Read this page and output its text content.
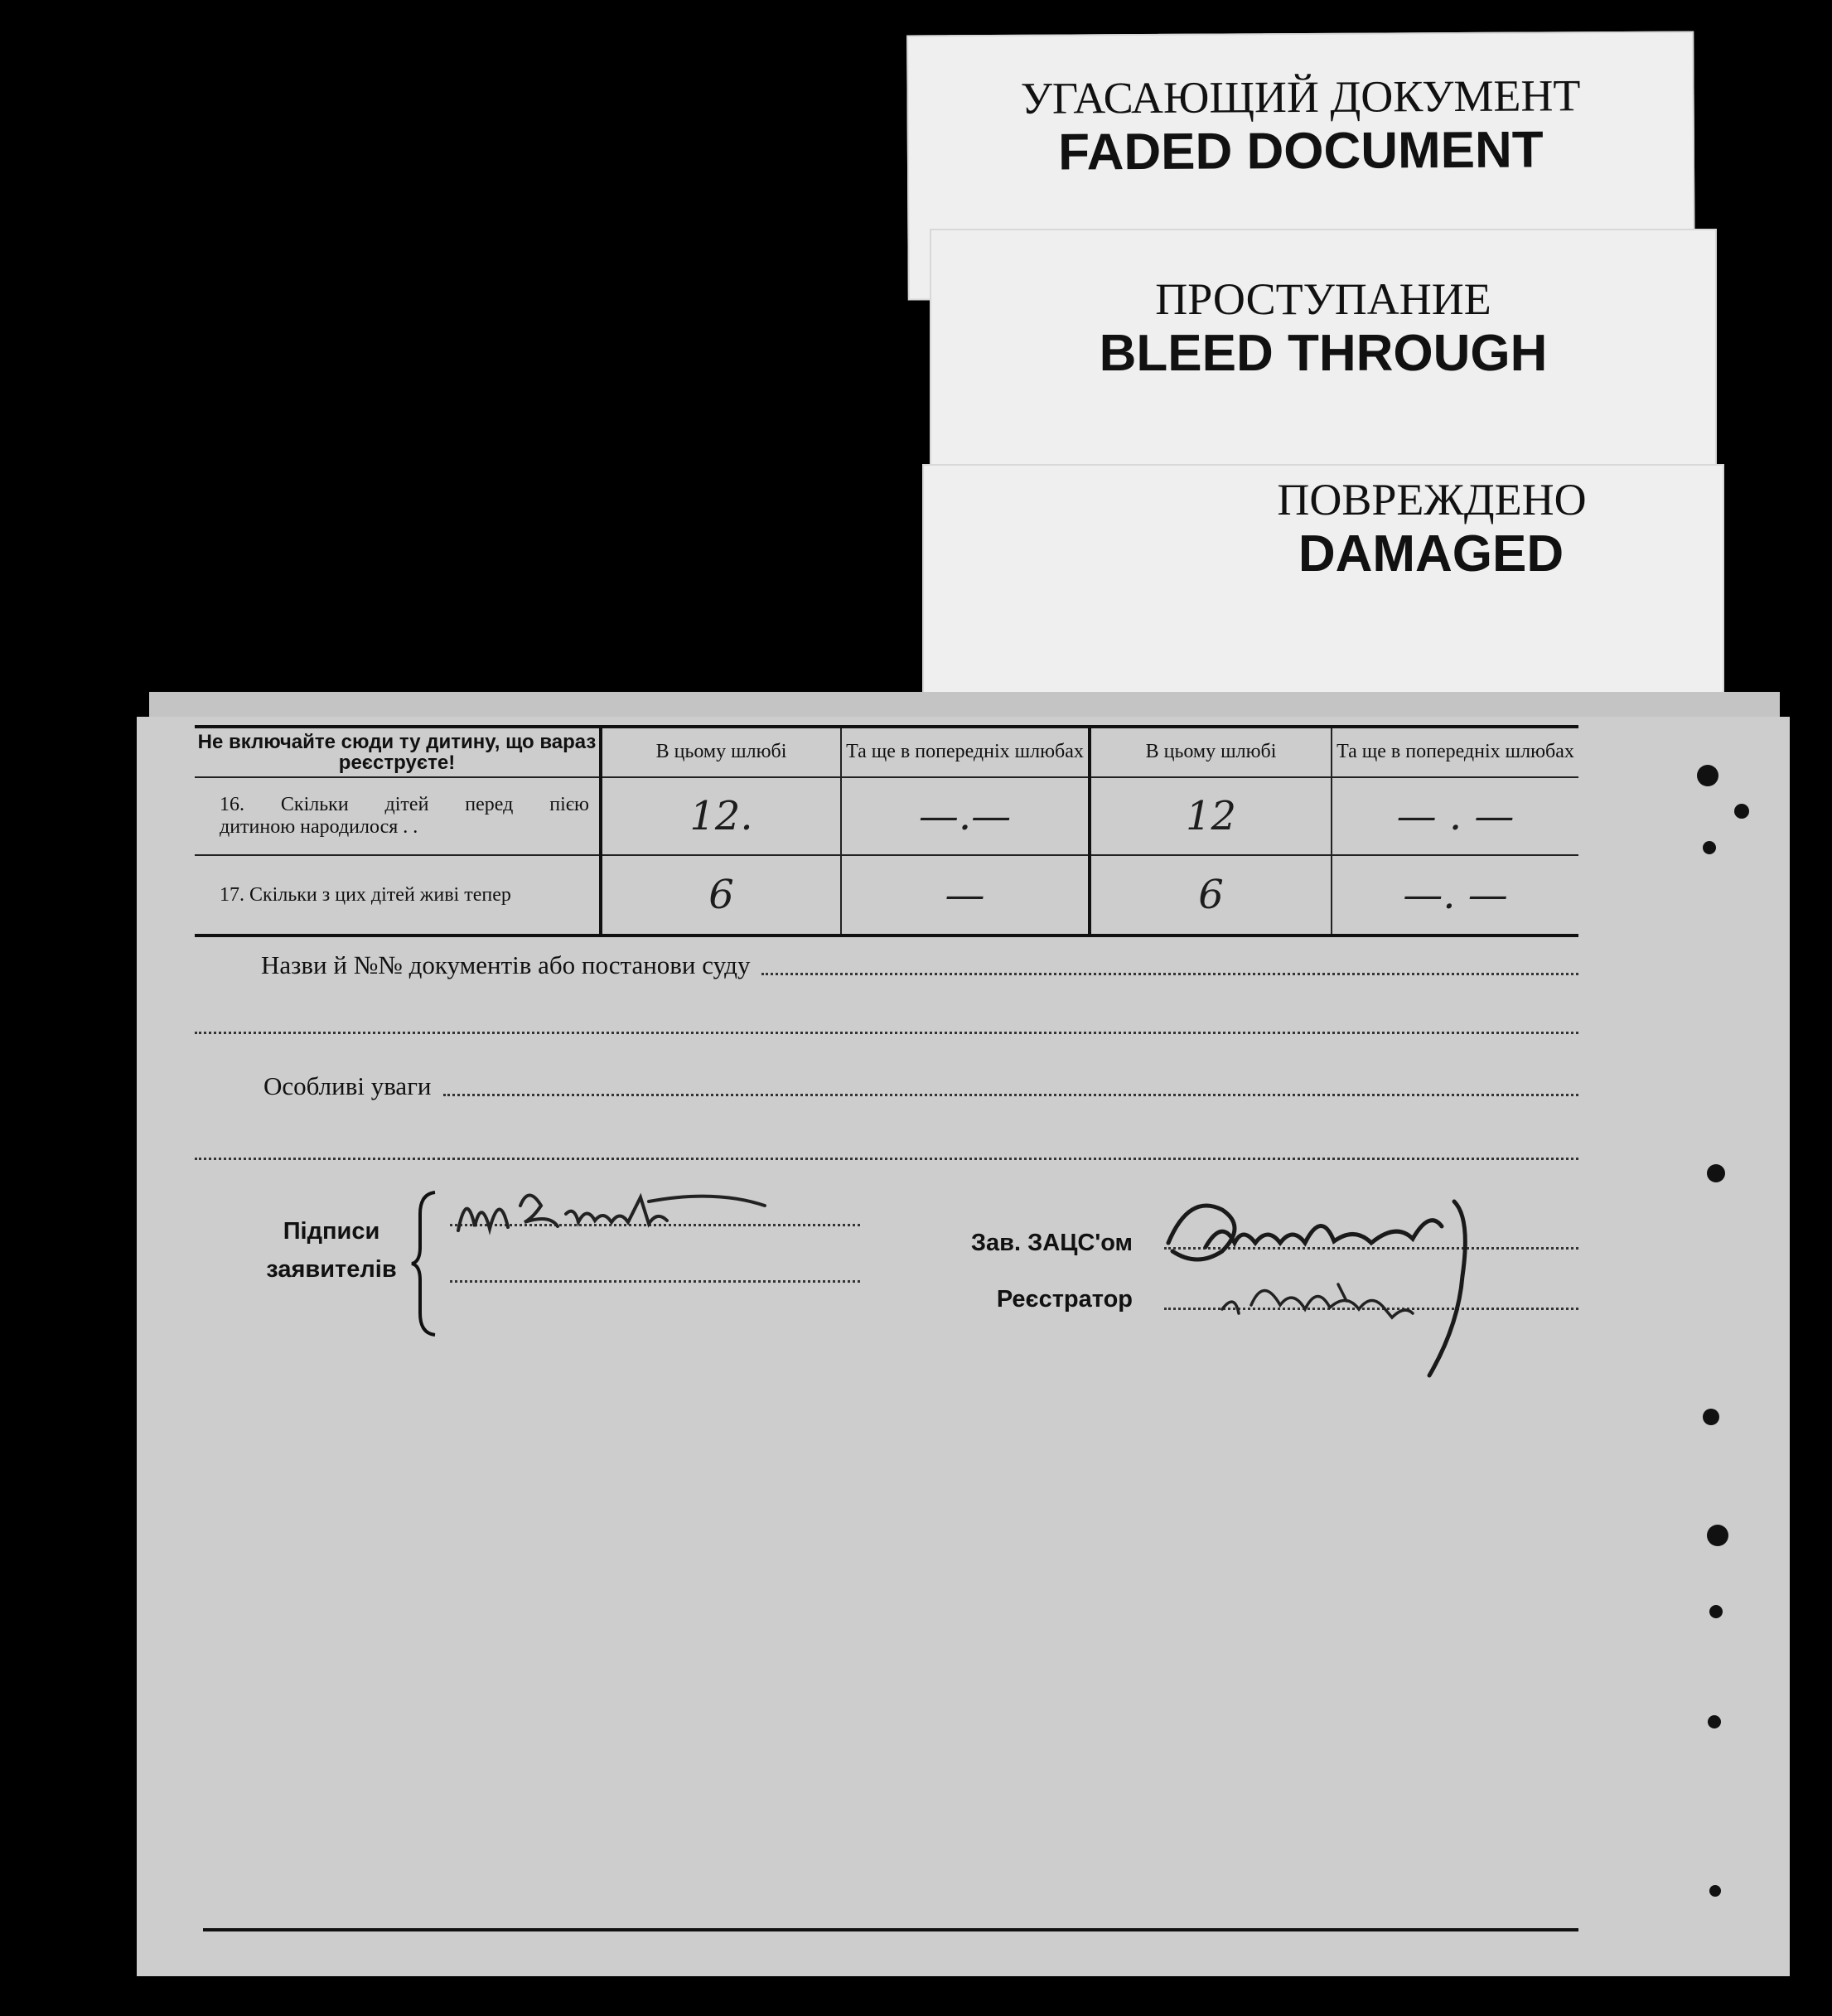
УГАСАЮЩИЙ ДОКУМЕНТ
FADED DOCUMENT
ПРОСТУПАНИЕ
BLEED THROUGH
ПОВРЕЖДЕНО
DAMAGED
Не включайте сюди ту дитину, що вараз реєструєте!	В цьому шлюбі	Та ще в попередніх шлюбах	В цьому шлюбі	Та ще в попередніх шлюбах

16. Скільки дітей перед пією
дитиною народилося . .	12.	—.—	12	— . —
17. Скільки з цих дітей живі тепер	6	—	6	—. —
Назви й №№ документів або постанови суду
Особливі уваги
Підписи
заявителів
Зав. ЗАЦС'ом
Реєстратор
